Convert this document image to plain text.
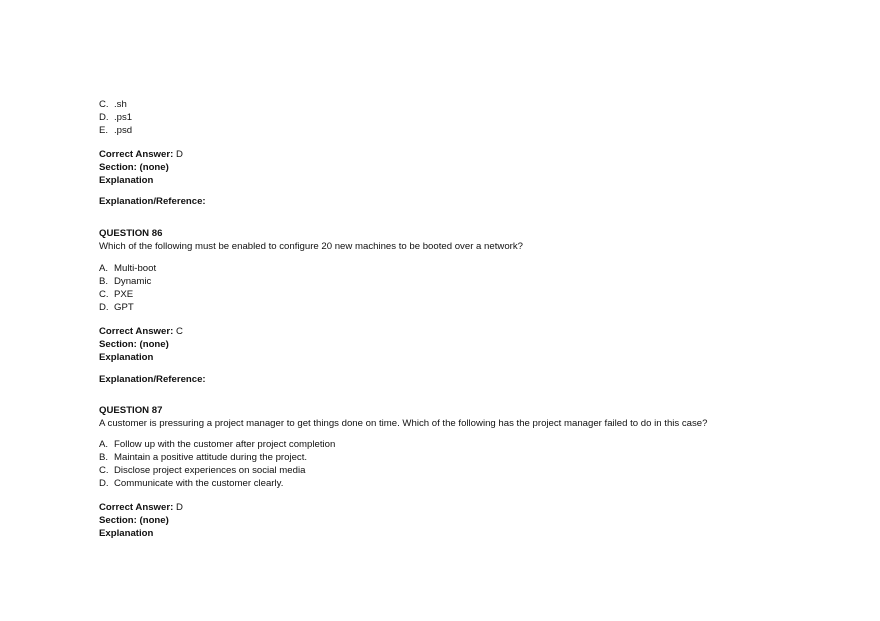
C. .sh
D. .ps1
E. .psd
Correct Answer: D
Section: (none)
Explanation
Explanation/Reference:
QUESTION 86
Which of the following must be enabled to configure 20 new machines to be booted over a network?
A. Multi-boot
B. Dynamic
C. PXE
D. GPT
Correct Answer: C
Section: (none)
Explanation
Explanation/Reference:
QUESTION 87
A customer is pressuring a project manager to get things done on time. Which of the following has the project manager failed to do in this case?
A. Follow up with the customer after project completion
B. Maintain a positive attitude during the project.
C. Disclose project experiences on social media
D. Communicate with the customer clearly.
Correct Answer: D
Section: (none)
Explanation
